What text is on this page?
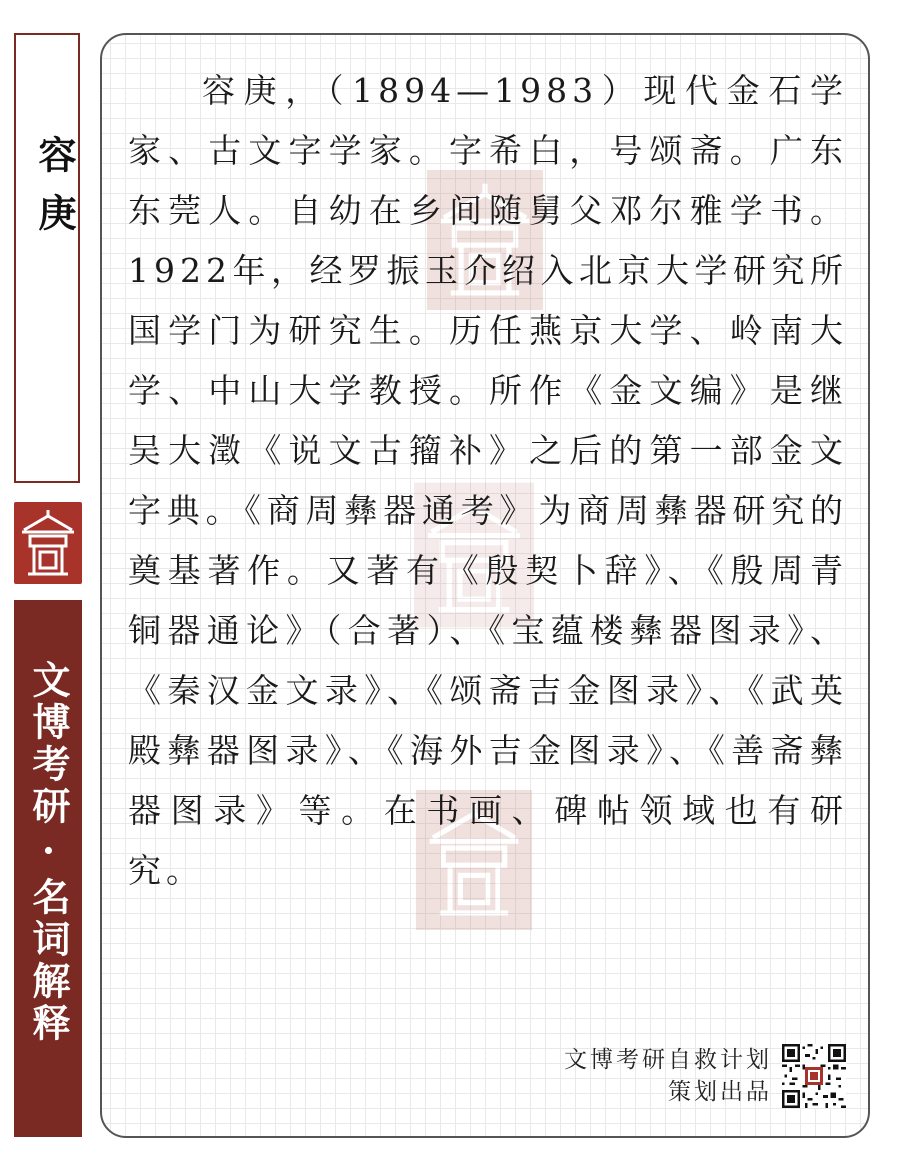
容庚
文博考研·名词解释

容庚，（1894—1983）现代金石学家、古文字学家。字希白，号颂斋。广东东莞人。自幼在乡间随舅父邓尔雅学书。1922年，经罗振玉介绍入北京大学研究所国学门为研究生。历任燕京大学、岭南大学、中山大学教授。所作《金文编》是继吴大澂《说文古籀补》之后的第一部金文字典。《商周彝器通考》为商周彝器研究的奠基著作。又著有《殷契卜辞》、《殷周青铜器通论》（合著）、《宝蕴楼彝器图录》、《秦汉金文录》、《颂斋吉金图录》、《武英殿彝器图录》、《海外吉金图录》、《善斋彝器图录》等。在书画、碑帖领域也有研究。

文博考研自救计划
策划出品
